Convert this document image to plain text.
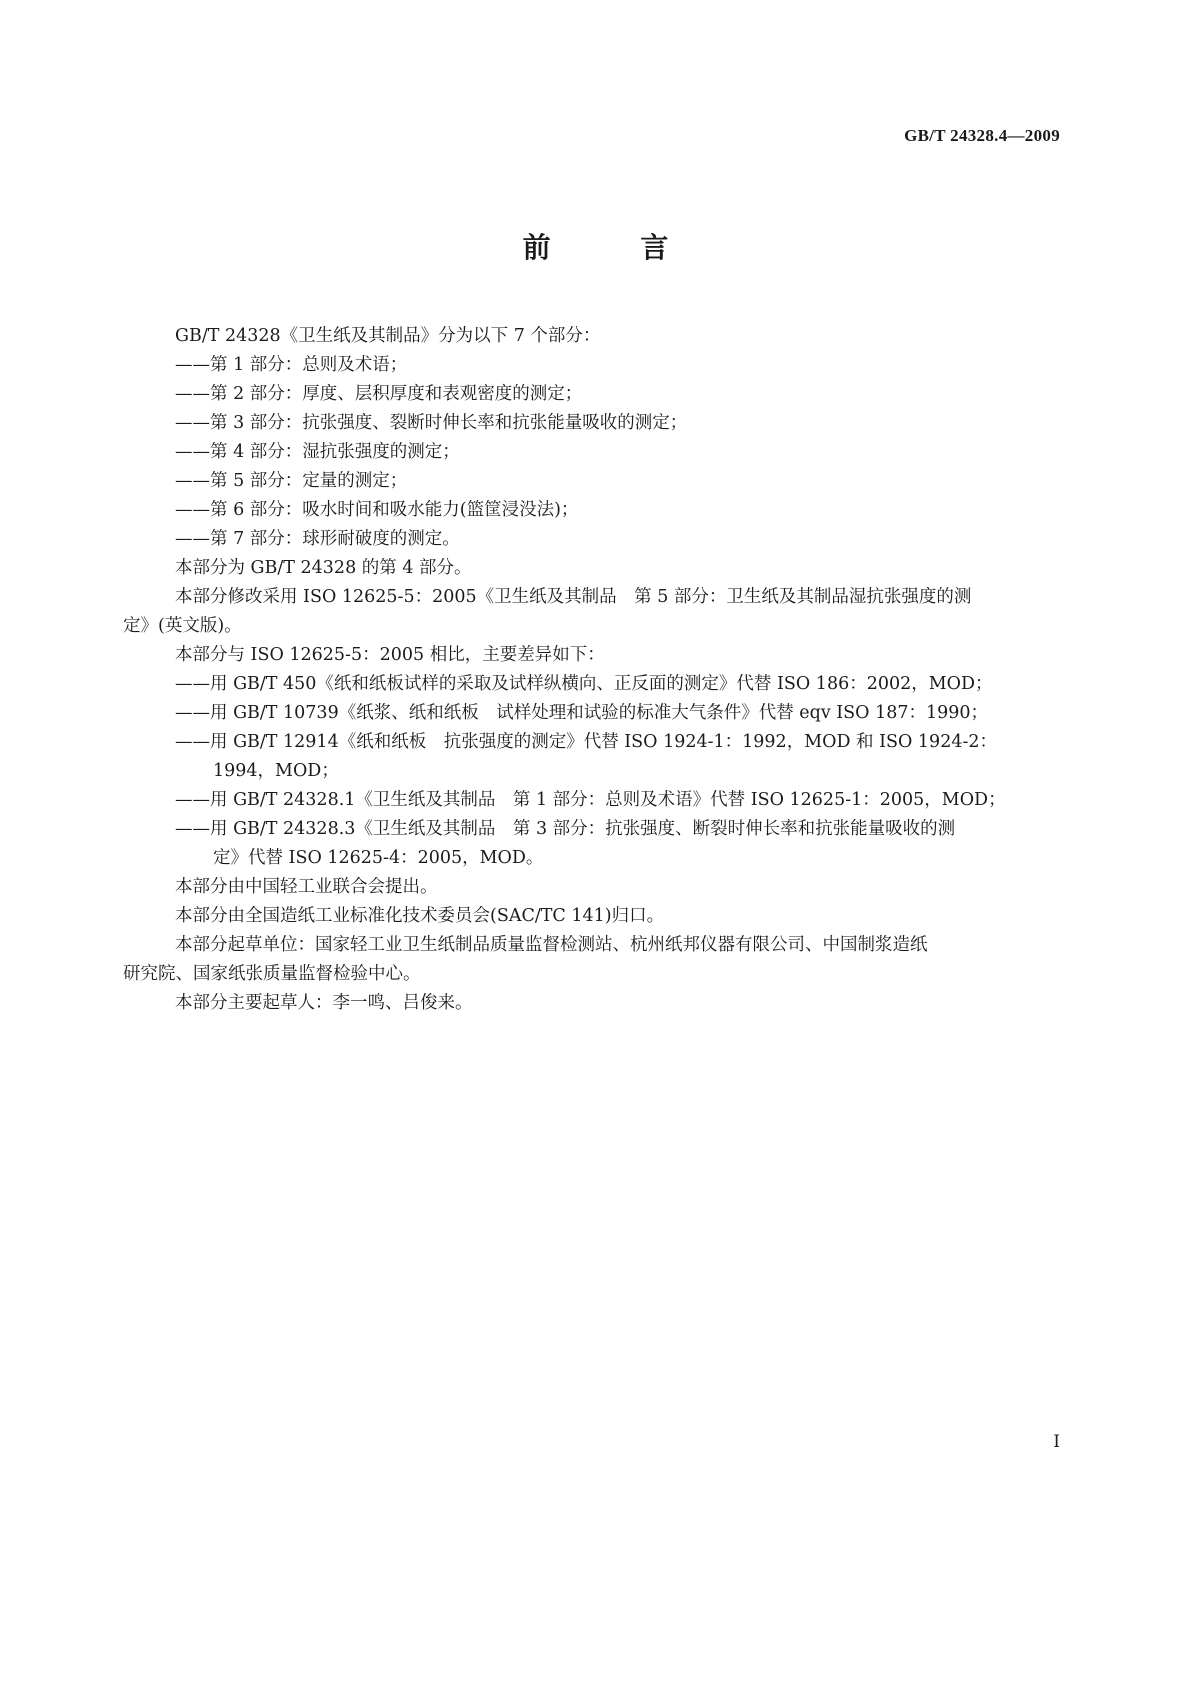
GB/T 24328.4—2009
前 言

GB/T 24328《卫生纸及其制品》分为以下 7 个部分：

——第 1 部分：总则及术语；

——第 2 部分：厚度、层积厚度和表观密度的测定；

——第 3 部分：抗张强度、裂断时伸长率和抗张能量吸收的测定；

——第 4 部分：湿抗张强度的测定；

——第 5 部分：定量的测定；

——第 6 部分：吸水时间和吸水能力(篮筐浸没法)；

——第 7 部分：球形耐破度的测定。

本部分为 GB/T 24328 的第 4 部分。

本部分修改采用 ISO 12625-5：2005《卫生纸及其制品　第 5 部分：卫生纸及其制品湿抗张强度的测

定》(英文版)。

本部分与 ISO 12625-5：2005 相比，主要差异如下：

——用 GB/T 450《纸和纸板试样的采取及试样纵横向、正反面的测定》代替 ISO 186：2002，MOD；

——用 GB/T 10739《纸浆、纸和纸板　试样处理和试验的标准大气条件》代替 eqv ISO 187：1990；

——用 GB/T 12914《纸和纸板　抗张强度的测定》代替 ISO 1924-1：1992，MOD 和 ISO 1924-2：

1994，MOD；

——用 GB/T 24328.1《卫生纸及其制品　第 1 部分：总则及术语》代替 ISO 12625-1：2005，MOD；

——用 GB/T 24328.3《卫生纸及其制品　第 3 部分：抗张强度、断裂时伸长率和抗张能量吸收的测

定》代替 ISO 12625-4：2005，MOD。

本部分由中国轻工业联合会提出。

本部分由全国造纸工业标准化技术委员会(SAC/TC 141)归口。

本部分起草单位：国家轻工业卫生纸制品质量监督检测站、杭州纸邦仪器有限公司、中国制浆造纸

研究院、国家纸张质量监督检验中心。

本部分主要起草人：李一鸣、吕俊来。

I
